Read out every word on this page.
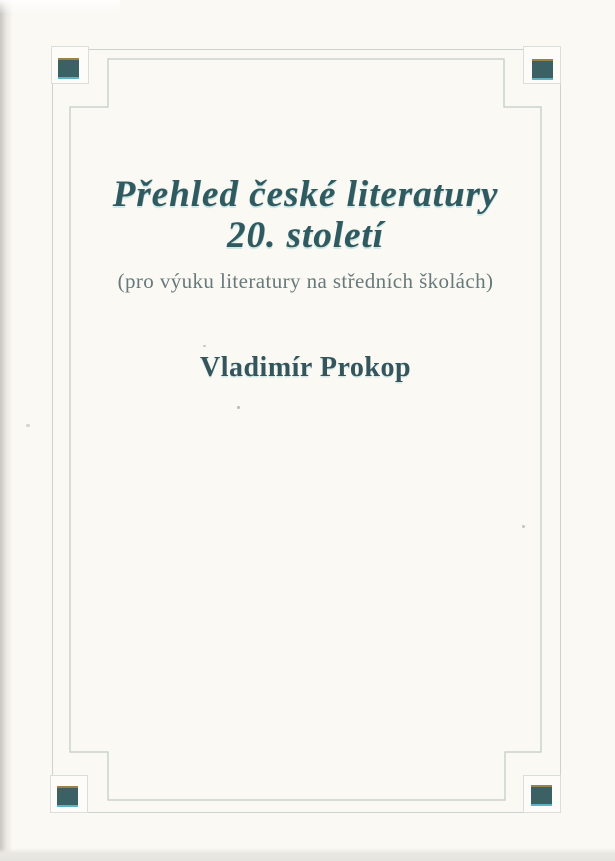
Přehled české literatury
20. století
(pro výuku literatury na středních školách)
Vladimír Prokop
